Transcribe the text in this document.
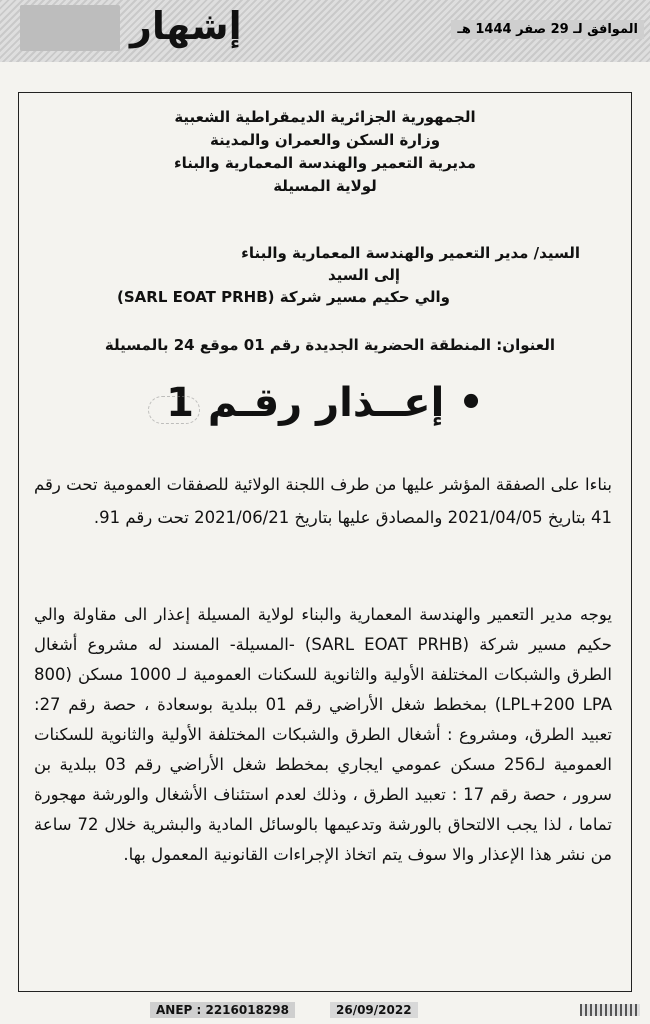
إشهار	الموافق لـ 29 صفر 1444 هـ
الجمهورية الجزائرية الديمقراطية الشعبية
وزارة السكن والعمران والمدينة
مديرية التعمير والهندسة المعمارية والبناء
لولاية المسيلة
السيد/ مدير التعمير والهندسة المعمارية والبناء
إلى السيد
والي حكيم مسير شركة (SARL EOAT PRHB)
العنوان: المنطقة الحضرية الجديدة رقم 01 موقع 24 بالمسيلة
• إعــذار رقـم 1
بناءا على الصفقة المؤشر عليها من طرف اللجنة الولائية للصفقات العمومية تحت رقم 41 بتاريخ 2021/04/05 والمصادق عليها بتاريخ 2021/06/21 تحت رقم 91.
يوجه مدير التعمير والهندسة المعمارية والبناء لولاية المسيلة إعذار الى مقاولة والي حكيم مسير شركة (SARL EOAT PRHB) -المسيلة- المسند له مشروع أشغال الطرق والشبكات المختلفة الأولية والثانوية للسكنات العمومية لـ 1000 مسكن (800 LPL+200 LPA) بمخطط شغل الأراضي رقم 01 ببلدية بوسعادة ، حصة رقم 27: تعبيد الطرق، ومشروع : أشغال الطرق والشبكات المختلفة الأولية والثانوية للسكنات العمومية لـ256 مسكن عمومي ايجاري بمخطط شغل الأراضي رقم 03 ببلدية بن سرور ، حصة رقم 17 : تعبيد الطرق ، وذلك لعدم استئناف الأشغال والورشة مهجورة تماما ، لذا يجب الالتحاق بالورشة وتدعيمها بالوسائل المادية والبشرية خلال 72 ساعة من نشر هذا الإعذار والا سوف يتم اتخاذ الإجراءات القانونية المعمول بها.
ANEP : 2216018298	26/09/2022
